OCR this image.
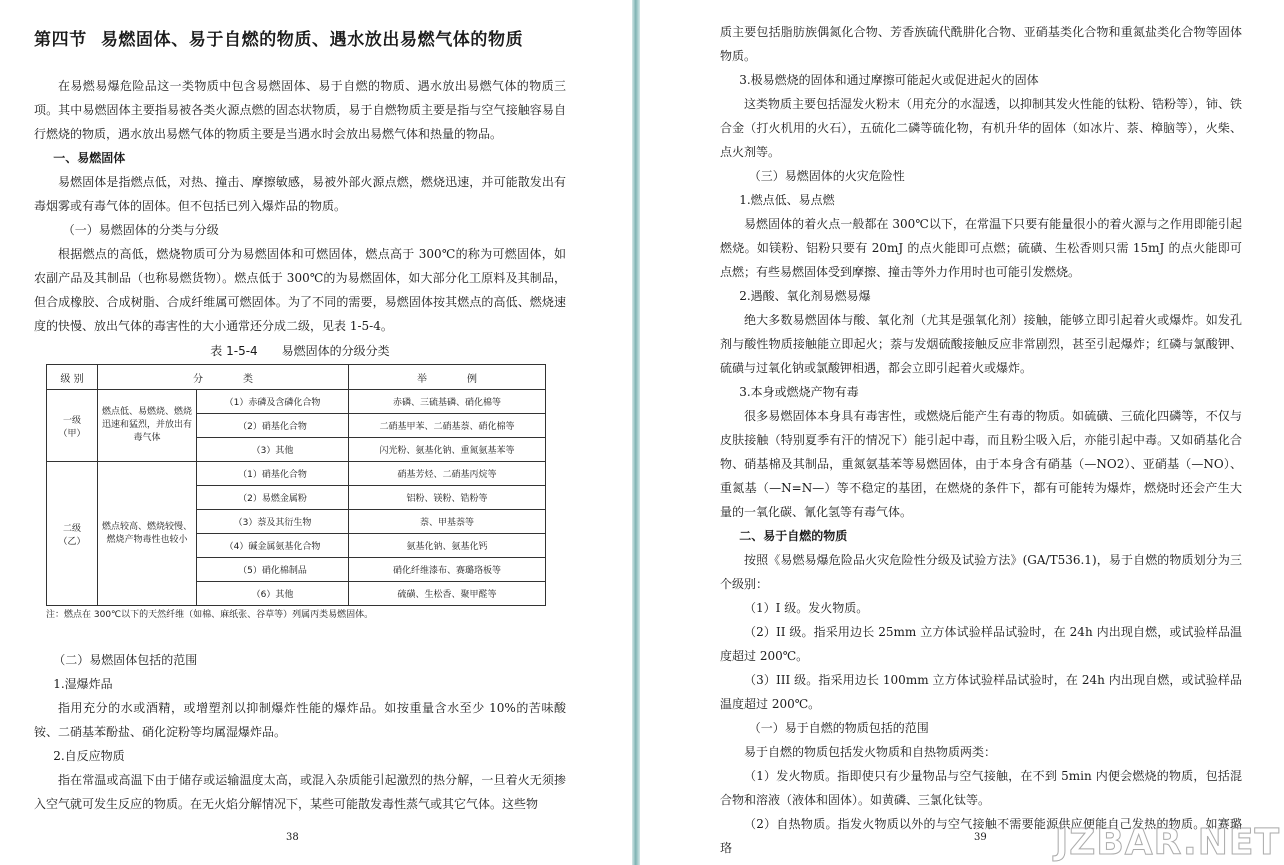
第四节 易燃固体、易于自燃的物质、遇水放出易燃气体的物质

在易燃易爆危险品这一类物质中包含易燃固体、易于自燃的物质、遇水放出易燃气体的物质三项。其中易燃固体主要指易被各类火源点燃的固态状物质，易于自燃物质主要是指与空气接触容易自行燃烧的物质，遇水放出易燃气体的物质主要是当遇水时会放出易燃气体和热量的物品。

一、易燃固体

易燃固体是指燃点低，对热、撞击、摩擦敏感，易被外部火源点燃，燃烧迅速，并可能散发出有毒烟雾或有毒气体的固体。但不包括已列入爆炸品的物质。

（一）易燃固体的分类与分级

根据燃点的高低，燃烧物质可分为易燃固体和可燃固体，燃点高于 300℃的称为可燃固体，如农副产品及其制品（也称易燃货物）。燃点低于 300℃的为易燃固体，如大部分化工原料及其制品，但合成橡胶、合成树脂、合成纤维属可燃固体。为了不同的需要，易燃固体按其燃点的高低、燃烧速度的快慢、放出气体的毒害性的大小通常还分成二级，见表 1-5-4。

表 1-5-4　　易燃固体的分级分类

级 别	分　　　　类		举　　　　例
一级
（甲）	燃点低、易燃烧、燃烧迅速和猛烈，并放出有毒气体	（1）赤磷及含磷化合物	赤磷、三硫基磷、硝化棉等
		（2）硝基化合物	二硝基甲苯、二硝基萘、硝化棉等
		（3）其他	闪光粉、氨基化钠、重氮氨基苯等
二级
（乙）	燃点较高、燃烧较慢、燃烧产物毒性也较小	（1）硝基化合物	硝基芳烃、二硝基丙烷等
		（2）易燃金属粉	铝粉、镁粉、锆粉等
		（3）萘及其衍生物	萘、甲基萘等
		（4）碱金属氨基化合物	氨基化钠、氨基化钙
		（5）硝化棉制品	硝化纤维漆布、赛璐珞板等
		（6）其他	硫磺、生松香、聚甲醛等

注：燃点在 300℃以下的天然纤维（如棉、麻纸张、谷草等）列属丙类易燃固体。

（二）易燃固体包括的范围

1.湿爆炸品

指用充分的水或酒精，或增塑剂以抑制爆炸性能的爆炸品。如按重量含水至少 10%的苦味酸铵、二硝基苯酚盐、硝化淀粉等均属湿爆炸品。

2.自反应物质

指在常温或高温下由于储存或运输温度太高，或混入杂质能引起激烈的热分解，一旦着火无须掺入空气就可发生反应的物质。在无火焰分解情况下，某些可能散发毒性蒸气或其它气体。这些物

38

质主要包括脂肪族偶氮化合物、芳香族硫代酰肼化合物、亚硝基类化合物和重氮盐类化合物等固体物质。

3.极易燃烧的固体和通过摩擦可能起火或促进起火的固体

这类物质主要包括湿发火粉末（用充分的水湿透，以抑制其发火性能的钛粉、锆粉等），铈、铁合金（打火机用的火石），五硫化二磷等硫化物，有机升华的固体（如冰片、萘、樟脑等），火柴、点火剂等。

（三）易燃固体的火灾危险性

1.燃点低、易点燃

易燃固体的着火点一般都在 300℃以下，在常温下只要有能量很小的着火源与之作用即能引起燃烧。如镁粉、铝粉只要有 20mJ 的点火能即可点燃；硫磺、生松香则只需 15mJ 的点火能即可点燃；有些易燃固体受到摩擦、撞击等外力作用时也可能引发燃烧。

2.遇酸、氧化剂易燃易爆

绝大多数易燃固体与酸、氧化剂（尤其是强氧化剂）接触，能够立即引起着火或爆炸。如发孔剂与酸性物质接触能立即起火；萘与发烟硫酸接触反应非常剧烈，甚至引起爆炸；红磷与氯酸钾、硫磺与过氧化钠或氯酸钾相遇，都会立即引起着火或爆炸。

3.本身或燃烧产物有毒

很多易燃固体本身具有毒害性，或燃烧后能产生有毒的物质。如硫磺、三硫化四磷等，不仅与皮肤接触（特别夏季有汗的情况下）能引起中毒，而且粉尘吸入后，亦能引起中毒。又如硝基化合物、硝基棉及其制品，重氮氨基苯等易燃固体，由于本身含有硝基（—NO2）、亚硝基（—NO）、重氮基（—N=N—）等不稳定的基团，在燃烧的条件下，都有可能转为爆炸，燃烧时还会产生大量的一氧化碳、氰化氢等有毒气体。

二、易于自燃的物质

按照《易燃易爆危险品火灾危险性分级及试验方法》(GA/T536.1)，易于自燃的物质划分为三个级别：

（1）I 级。发火物质。

（2）II 级。指采用边长 25mm 立方体试验样品试验时，在 24h 内出现自燃，或试验样品温度超过 200℃。

（3）III 级。指采用边长 100mm 立方体试验样品试验时，在 24h 内出现自燃，或试验样品温度超过 200℃。

（一）易于自燃的物质包括的范围

易于自燃的物质包括发火物质和自热物质两类：

（1）发火物质。指即使只有少量物品与空气接触，在不到 5min 内便会燃烧的物质，包括混合物和溶液（液体和固体）。如黄磷、三氯化钛等。

（2）自热物质。指发火物质以外的与空气接触不需要能源供应便能自己发热的物质。如赛璐珞

39 JZBAR.NET
